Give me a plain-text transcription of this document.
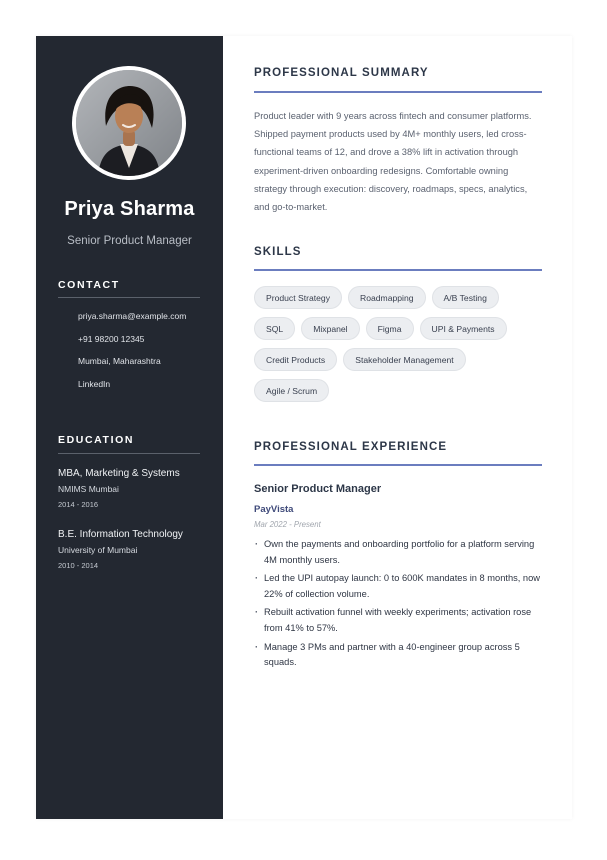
Priya Sharma
Senior Product Manager
CONTACT
priya.sharma@example.com
+91 98200 12345
Mumbai, Maharashtra
LinkedIn
EDUCATION
MBA, Marketing & Systems
NMIMS Mumbai
2014 - 2016
B.E. Information Technology
University of Mumbai
2010 - 2014
PROFESSIONAL SUMMARY

Product leader with 9 years across fintech and consumer platforms. Shipped payment products used by 4M+ monthly users, led cross-functional teams of 12, and drove a 38% lift in activation through experiment-driven onboarding redesigns. Comfortable owning strategy through execution: discovery, roadmaps, specs, analytics, and go-to-market.

SKILLS
Product Strategy	Roadmapping	A/B Testing
SQL	Mixpanel	Figma	UPI & Payments
Credit Products	Stakeholder Management
Agile / Scrum
PROFESSIONAL EXPERIENCE
Senior Product Manager
PayVista
Mar 2022 - Present
· Own the payments and onboarding portfolio for a platform serving 4M monthly users.
· Led the UPI autopay launch: 0 to 600K mandates in 8 months, now 22% of collection volume.
· Rebuilt activation funnel with weekly experiments; activation rose from 41% to 57%.
· Manage 3 PMs and partner with a 40-engineer group across 5 squads.
